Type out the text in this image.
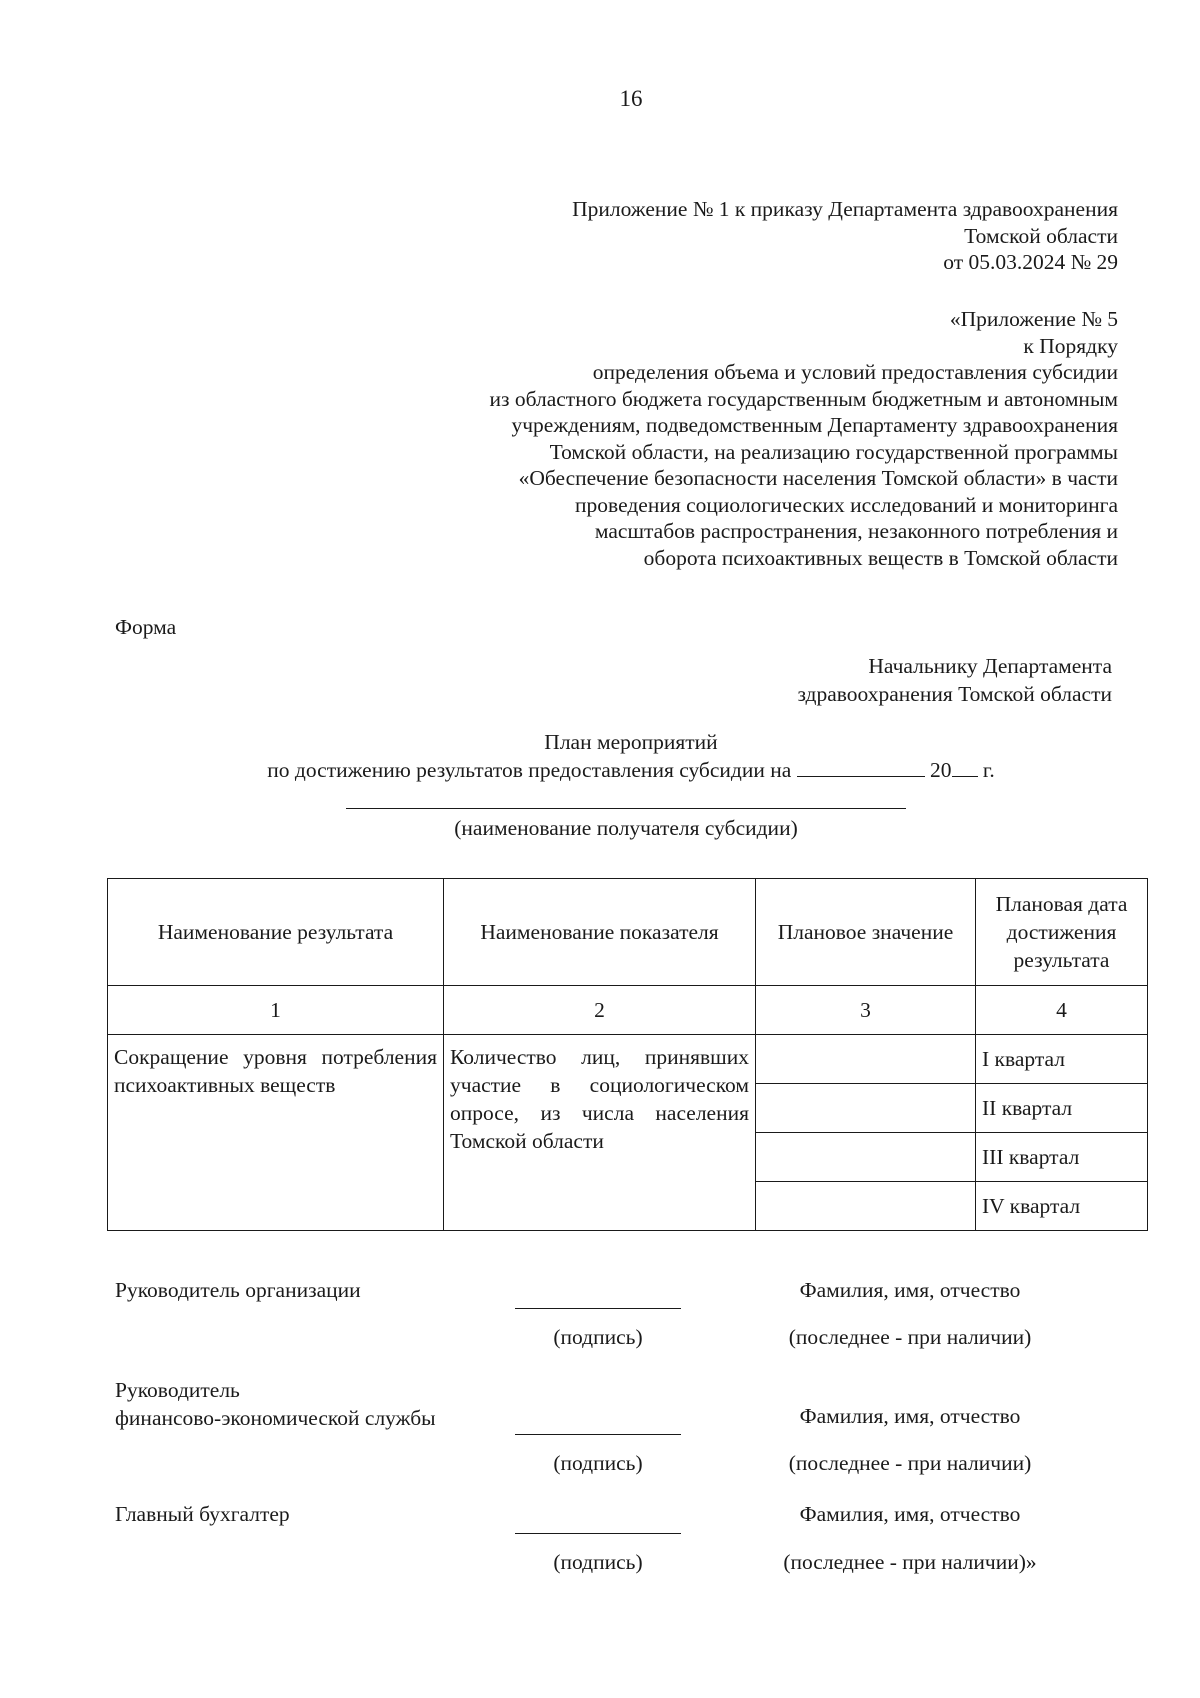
16
Приложение № 1 к приказу Департамента здравоохранения
Томской области
от 05.03.2024 № 29
«Приложение № 5
к Порядку
определения объема и условий предоставления субсидии
из областного бюджета государственным бюджетным и автономным
учреждениям, подведомственным Департаменту здравоохранения
Томской области, на реализацию государственной программы
«Обеспечение безопасности населения Томской области» в части
проведения социологических исследований и мониторинга
масштабов распространения, незаконного потребления и
оборота психоактивных веществ в Томской области
Форма
Начальнику Департамента
здравоохранения Томской области
План мероприятий
по достижению результатов предоставления субсидии на	20 г.
(наименование получателя субсидии)
Наименование результата	Наименование показателя	Плановое значение	Плановая дата достижения результата
1	2	3	4
Сокращение уровня потребления психоактивных веществ	Количество лиц, принявших участие в социологическом опросе, из числа населения Томской области		I квартал
			II квартал
			III квартал
			IV квартал
Руководитель организации	Фамилия, имя, отчество
(подпись)	(последнее - при наличии)
Руководитель
финансово-экономической службы	Фамилия, имя, отчество
(подпись)	(последнее - при наличии)
Главный бухгалтер	Фамилия, имя, отчество
(подпись)	(последнее - при наличии)»
